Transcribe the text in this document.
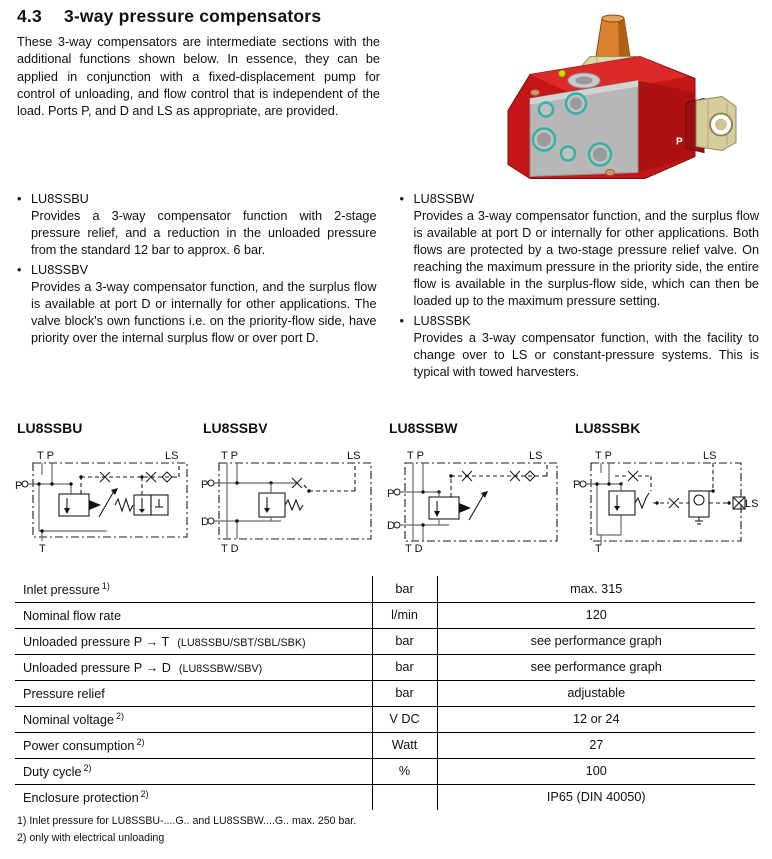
4.3 3-way pressure compensators

These 3-way compensators are intermediate sections with the additional functions shown below. In essence, they can be applied in conjunction with a fixed-displacement pump for control of unloading, and flow control that is independent of the load. Ports P, and D and LS as appropriate, are provided.

P
• LU8SSBU
Provides a 3-way compensator function with 2-stage pressure relief, and a reduction in the unloaded pressure from the standard 12 bar to approx. 6 bar.
• LU8SSBV
Provides a 3-way compensator function, and the surplus flow is available at port D or internally for other applications. The valve block's own functions i.e. on the priority-flow side, have priority over the internal surplus flow or over port D.
• LU8SSBW
Provides a 3-way compensator function, and the surplus flow is available at port D or internally for other applications. Both flows are protected by a two-stage pressure relief valve. On reaching the maximum pressure in the priority side, the entire flow is available in the surplus-flow side, which can then be loaded up to the maximum pressure setting.
• LU8SSBK
Provides a 3-way compensator function, with the facility to change over to LS or constant-pressure systems. This is typical with towed harvesters.
LU8SSBU
T P	LS
P
T
LU8SSBV
T P	LS
P
D
T D
LU8SSBW
T P	LS
P
D
T D
LU8SSBK
T P	LS
P
LS
T
Inlet pressure $^{1)}$	bar	max. 315
Nominal flow rate	l/min	120
Unloaded pressure P → T (LU8SSBU/SBT/SBL/SBK)	bar	see performance graph
Unloaded pressure P → D (LU8SSBW/SBV)	bar	see performance graph
Pressure relief	bar	adjustable
Nominal voltage $^{2)}$	V DC	12 or 24
Power consumption $^{2)}$	Watt	27
Duty cycle $^{2)}$	%	100
Enclosure protection $^{2)}$		IP65 (DIN 40050)
1) Inlet pressure for LU8SSBU-....G.. and LU8SSBW....G.. max. 250 bar.
2) only with electrical unloading
